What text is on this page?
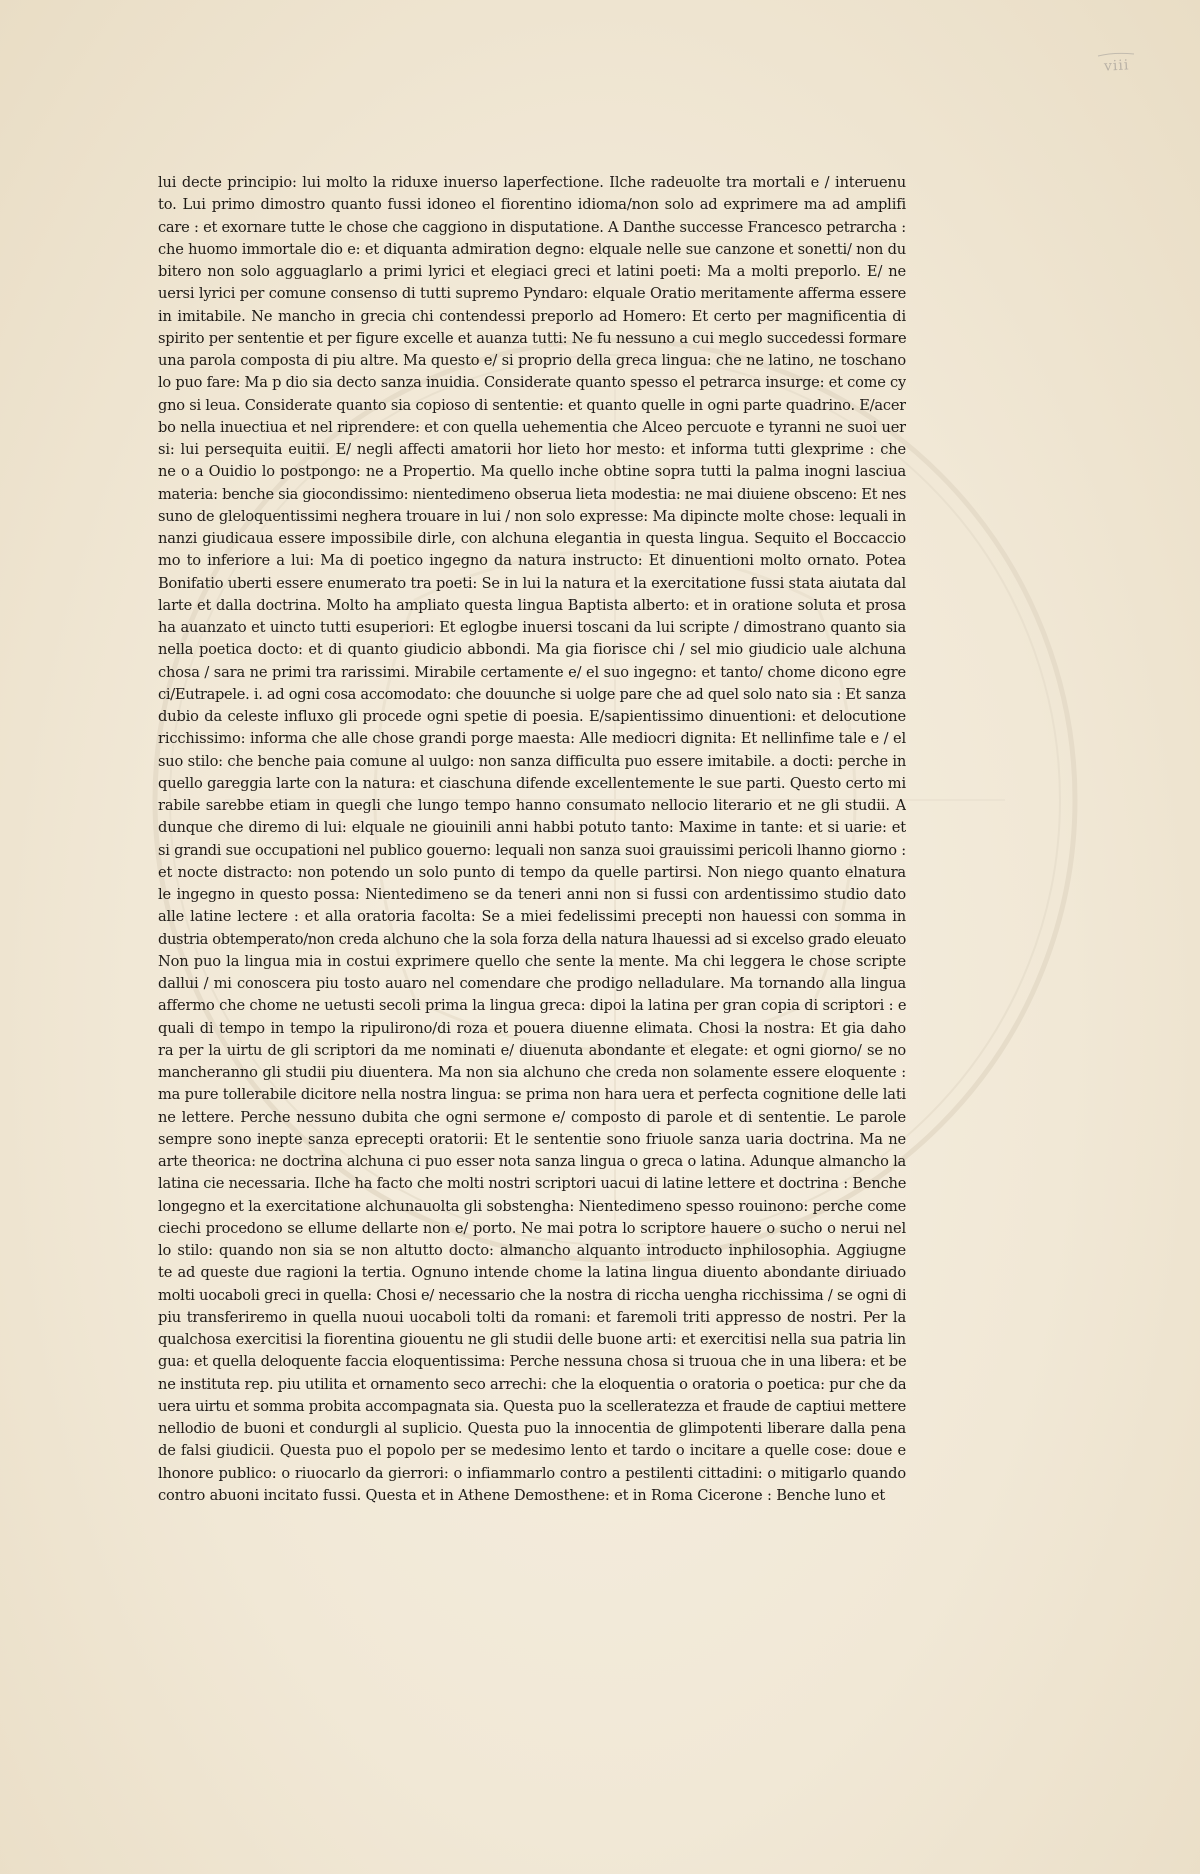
viii
lui decte principio: lui molto la riduxe inuerso laperfectione. Ilche radeuolte tra mortali e / interuenu
to. Lui primo dimostro quanto fussi idoneo el fiorentino idioma/non solo ad exprimere ma ad amplifi
care : et exornare tutte le chose che caggiono in disputatione. A Danthe successe Francesco petrarcha :
che huomo immortale dio e: et diquanta admiration degno: elquale nelle sue canzone et sonetti/ non du
bitero non solo agguaglarlo a primi lyrici et elegiaci greci et latini poeti: Ma a molti preporlo. E/ ne
uersi lyrici per comune consenso di tutti supremo Pyndaro: elquale Oratio meritamente afferma essere
in imitabile. Ne mancho in grecia chi contendessi preporlo ad Homero: Et certo per magnificentia di
spirito per sententie et per figure excelle et auanza tutti: Ne fu nessuno a cui meglo succedessi formare
una parola composta di piu altre. Ma questo e/ si proprio della greca lingua: che ne latino, ne toschano
lo puo fare: Ma p dio sia decto sanza inuidia. Considerate quanto spesso el petrarca insurge: et come cy
gno si leua. Considerate quanto sia copioso di sententie: et quanto quelle in ogni parte quadrino. E/acer
bo nella inuectiua et nel riprendere: et con quella uehementia che Alceo percuote e tyranni ne suoi uer
si: lui persequita euitii. E/ negli affecti amatorii hor lieto hor mesto: et informa tutti glexprime : che
ne o a Ouidio lo postpongo: ne a Propertio. Ma quello inche obtine sopra tutti la palma inogni lasciua
materia: benche sia giocondissimo: nientedimeno obserua lieta modestia: ne mai diuiene obsceno: Et nes
suno de gleloquentissimi neghera trouare in lui / non solo expresse: Ma dipincte molte chose: lequali in
nanzi giudicaua essere impossibile dirle, con alchuna elegantia in questa lingua. Sequito el Boccaccio
mo to inferiore a lui: Ma di poetico ingegno da natura instructo: Et dinuentioni molto ornato. Potea
Bonifatio uberti essere enumerato tra poeti: Se in lui la natura et la exercitatione fussi stata aiutata dal
larte et dalla doctrina. Molto ha ampliato questa lingua Baptista alberto: et in oratione soluta et prosa
ha auanzato et uincto tutti esuperiori: Et eglogbe inuersi toscani da lui scripte / dimostrano quanto sia
nella poetica docto: et di quanto giudicio abbondi. Ma gia fiorisce chi / sel mio giudicio uale alchuna
chosa / sara ne primi tra rarissimi. Mirabile certamente e/ el suo ingegno: et tanto/ chome dicono egre
ci/Eutrapele. i. ad ogni cosa accomodato: che douunche si uolge pare che ad quel solo nato sia : Et sanza
dubio da celeste influxo gli procede ogni spetie di poesia. E/sapientissimo dinuentioni: et delocutione
ricchissimo: informa che alle chose grandi porge maesta: Alle mediocri dignita: Et nellinfime tale e / el
suo stilo: che benche paia comune al uulgo: non sanza difficulta puo essere imitabile. a docti: perche in
quello gareggia larte con la natura: et ciaschuna difende excellentemente le sue parti. Questo certo mi
rabile sarebbe etiam in quegli che lungo tempo hanno consumato nellocio literario et ne gli studii. A
dunque che diremo di lui: elquale ne giouinili anni habbi potuto tanto: Maxime in tante: et si uarie: et
si grandi sue occupationi nel publico gouerno: lequali non sanza suoi grauissimi pericoli lhanno giorno :
et nocte distracto: non potendo un solo punto di tempo da quelle partirsi. Non niego quanto elnatura
le ingegno in questo possa: Nientedimeno se da teneri anni non si fussi con ardentissimo studio dato
alle latine lectere : et alla oratoria facolta: Se a miei fedelissimi precepti non hauessi con somma in
dustria obtemperato/non creda alchuno che la sola forza della natura lhauessi ad si excelso grado eleuato
Non puo la lingua mia in costui exprimere quello che sente la mente. Ma chi leggera le chose scripte
dallui / mi conoscera piu tosto auaro nel comendare che prodigo nelladulare. Ma tornando alla lingua
affermo che chome ne uetusti secoli prima la lingua greca: dipoi la latina per gran copia di scriptori : e
quali di tempo in tempo la ripulirono/di roza et pouera diuenne elimata. Chosi la nostra: Et gia daho
ra per la uirtu de gli scriptori da me nominati e/ diuenuta abondante et elegate: et ogni giorno/ se no
mancheranno gli studii piu diuentera. Ma non sia alchuno che creda non solamente essere eloquente :
ma pure tollerabile dicitore nella nostra lingua: se prima non hara uera et perfecta cognitione delle lati
ne lettere. Perche nessuno dubita che ogni sermone e/ composto di parole et di sententie. Le parole
sempre sono inepte sanza eprecepti oratorii: Et le sententie sono friuole sanza uaria doctrina. Ma ne
arte theorica: ne doctrina alchuna ci puo esser nota sanza lingua o greca o latina. Adunque almancho la
latina cie necessaria. Ilche ha facto che molti nostri scriptori uacui di latine lettere et doctrina : Benche
longegno et la exercitatione alchunauolta gli sobstengha: Nientedimeno spesso rouinono: perche come
ciechi procedono se ellume dellarte non e/ porto. Ne mai potra lo scriptore hauere o sucho o nerui nel
lo stilo: quando non sia se non altutto docto: almancho alquanto introducto inphilosophia. Aggiugne
te ad queste due ragioni la tertia. Ognuno intende chome la latina lingua diuento abondante diriuado
molti uocaboli greci in quella: Chosi e/ necessario che la nostra di riccha uengha ricchissima / se ogni di
piu transferiremo in quella nuoui uocaboli tolti da romani: et faremoli triti appresso de nostri. Per la
qualchosa exercitisi la fiorentina giouentu ne gli studii delle buone arti: et exercitisi nella sua patria lin
gua: et quella deloquente faccia eloquentissima: Perche nessuna chosa si truoua che in una libera: et be
ne instituta rep. piu utilita et ornamento seco arrechi: che la eloquentia o oratoria o poetica: pur che da
uera uirtu et somma probita accompagnata sia. Questa puo la scelleratezza et fraude de captiui mettere
nellodio de buoni et condurgli al suplicio. Questa puo la innocentia de glimpotenti liberare dalla pena
de falsi giudicii. Questa puo el popolo per se medesimo lento et tardo o incitare a quelle cose: doue e
lhonore publico: o riuocarlo da gierrori: o infiammarlo contro a pestilenti cittadini: o mitigarlo quando
contro abuoni incitato fussi. Questa et in Athene Demosthene: et in Roma Cicerone : Benche luno et
